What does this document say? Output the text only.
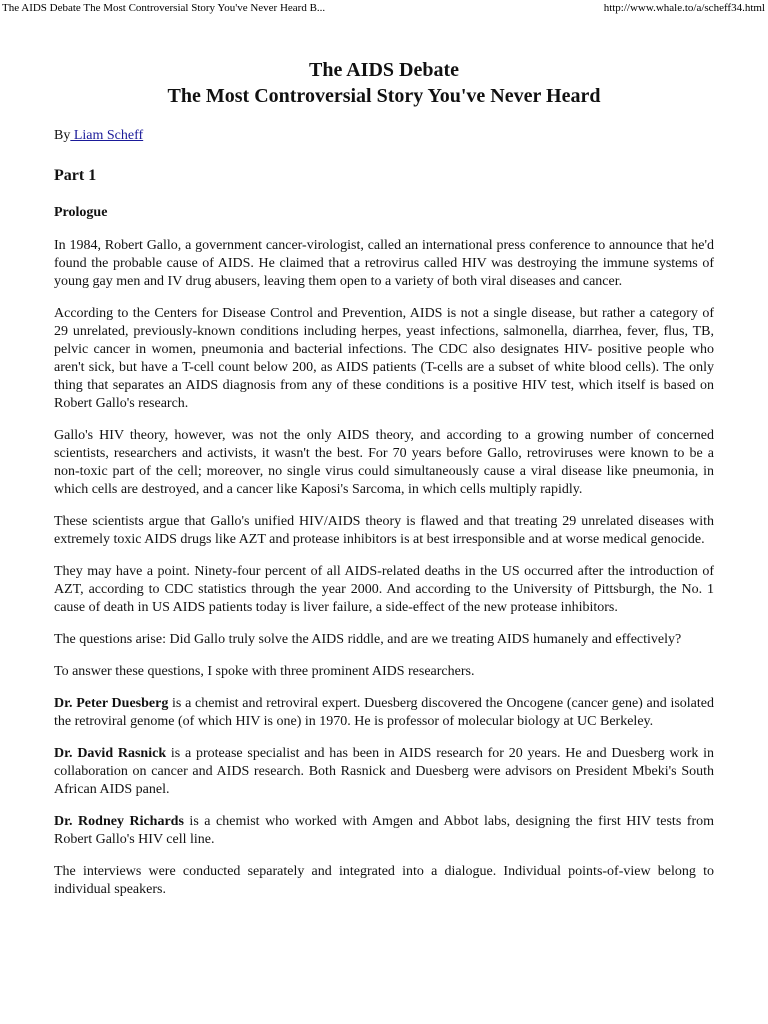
The AIDS Debate The Most Controversial Story You've Never Heard B...	http://www.whale.to/a/scheff34.html
The AIDS Debate
The Most Controversial Story You've Never Heard
By Liam Scheff
Part 1
Prologue

In 1984, Robert Gallo, a government cancer-virologist, called an international press conference to announce that he'd found the probable cause of AIDS. He claimed that a retrovirus called HIV was destroying the immune systems of young gay men and IV drug abusers, leaving them open to a variety of both viral diseases and cancer.

According to the Centers for Disease Control and Prevention, AIDS is not a single disease, but rather a category of 29 unrelated, previously-known conditions including herpes, yeast infections, salmonella, diarrhea, fever, flus, TB, pelvic cancer in women, pneumonia and bacterial infections. The CDC also designates HIV- positive people who aren't sick, but have a T-cell count below 200, as AIDS patients (T-cells are a subset of white blood cells). The only thing that separates an AIDS diagnosis from any of these conditions is a positive HIV test, which itself is based on Robert Gallo's research.

Gallo's HIV theory, however, was not the only AIDS theory, and according to a growing number of concerned scientists, researchers and activists, it wasn't the best. For 70 years before Gallo, retroviruses were known to be a non-toxic part of the cell; moreover, no single virus could simultaneously cause a viral disease like pneumonia, in which cells are destroyed, and a cancer like Kaposi's Sarcoma, in which cells multiply rapidly.

These scientists argue that Gallo's unified HIV/AIDS theory is flawed and that treating 29 unrelated diseases with extremely toxic AIDS drugs like AZT and protease inhibitors is at best irresponsible and at worse medical genocide.

They may have a point. Ninety-four percent of all AIDS-related deaths in the US occurred after the introduction of AZT, according to CDC statistics through the year 2000. And according to the University of Pittsburgh, the No. 1 cause of death in US AIDS patients today is liver failure, a side-effect of the new protease inhibitors.

The questions arise: Did Gallo truly solve the AIDS riddle, and are we treating AIDS humanely and effectively?

To answer these questions, I spoke with three prominent AIDS researchers.

Dr. Peter Duesberg is a chemist and retroviral expert. Duesberg discovered the Oncogene (cancer gene) and isolated the retroviral genome (of which HIV is one) in 1970. He is professor of molecular biology at UC Berkeley.

Dr. David Rasnick is a protease specialist and has been in AIDS research for 20 years. He and Duesberg work in collaboration on cancer and AIDS research. Both Rasnick and Duesberg were advisors on President Mbeki's South African AIDS panel.

Dr. Rodney Richards is a chemist who worked with Amgen and Abbot labs, designing the first HIV tests from Robert Gallo's HIV cell line.

The interviews were conducted separately and integrated into a dialogue. Individual points-of-view belong to individual speakers.
